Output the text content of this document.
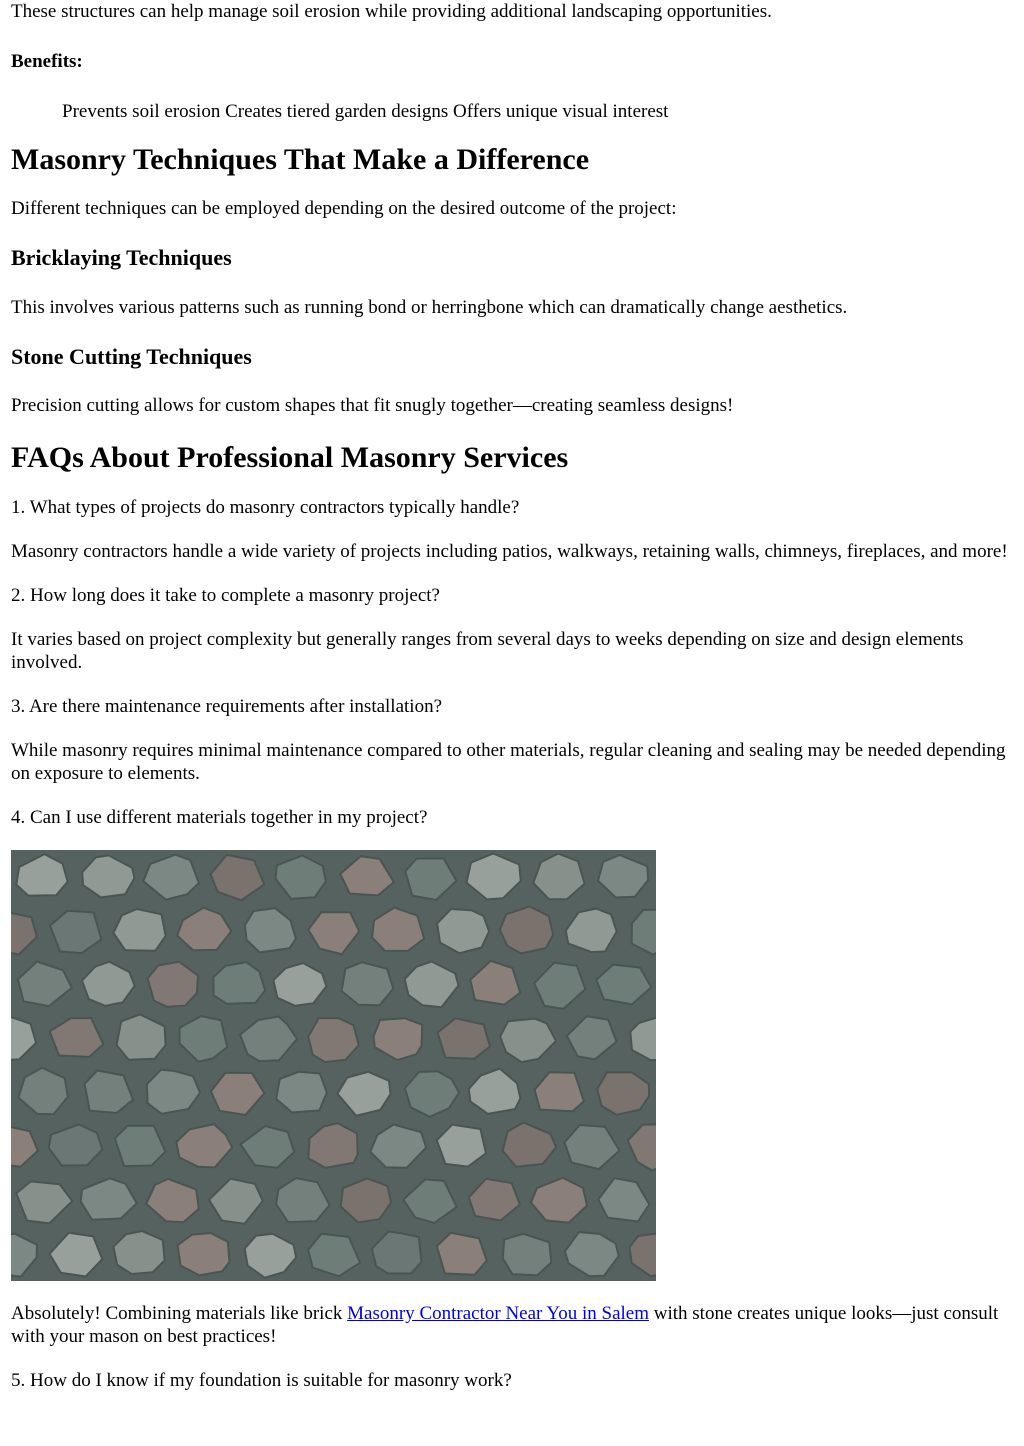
These structures can help manage soil erosion while providing additional landscaping opportunities.

Benefits:

Prevents soil erosion Creates tiered garden designs Offers unique visual interest

Masonry Techniques That Make a Difference

Different techniques can be employed depending on the desired outcome of the project:

Bricklaying Techniques

This involves various patterns such as running bond or herringbone which can dramatically change aesthetics.

Stone Cutting Techniques

Precision cutting allows for custom shapes that fit snugly together—creating seamless designs!

FAQs About Professional Masonry Services

1. What types of projects do masonry contractors typically handle?

Masonry contractors handle a wide variety of projects including patios, walkways, retaining walls, chimneys, fireplaces, and more!

2. How long does it take to complete a masonry project?

It varies based on project complexity but generally ranges from several days to weeks depending on size and design elements involved.

3. Are there maintenance requirements after installation?

While masonry requires minimal maintenance compared to other materials, regular cleaning and sealing may be needed depending on exposure to elements.

4. Can I use different materials together in my project?

Absolutely! Combining materials like brick Masonry Contractor Near You in Salem with stone creates unique looks—just consult with your mason on best practices!

5. How do I know if my foundation is suitable for masonry work?
